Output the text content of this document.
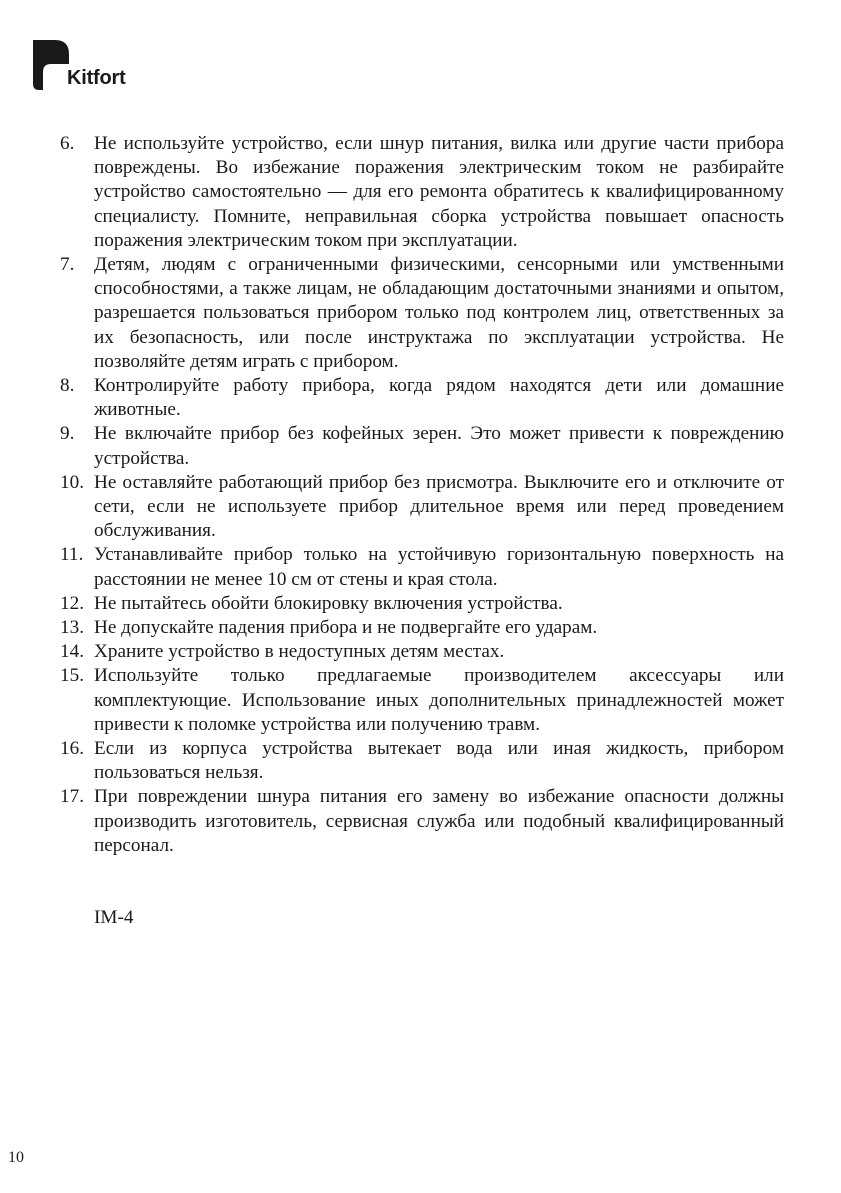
Kitfort
6.	Не используйте устройство, если шнур питания, вилка или другие части прибора повреждены. Во избежание поражения электрическим током не разбирайте устройство самостоятельно — для его ремонта обратитесь к квалифицированному специалисту. Помните, неправильная сборка устройства повышает опасность поражения электрическим током при эксплуатации.
7.	Детям, людям с ограниченными физическими, сенсорными или умственными способностями, а также лицам, не обладающим достаточными знаниями и опытом, разрешается пользоваться прибором только под контролем лиц, ответственных за их безопасность, или после инструктажа по эксплуатации устройства. Не позволяйте детям играть с прибором.
8.	Контролируйте работу прибора, когда рядом находятся дети или домашние животные.
9.	Не включайте прибор без кофейных зерен. Это может привести к повреждению устройства.
10. Не оставляйте работающий прибор без присмотра. Выключите его и отключите от сети, если не используете прибор длительное время или перед проведением обслуживания.
11. Устанавливайте прибор только на устойчивую горизонтальную поверхность на расстоянии не менее 10 см от стены и края стола.
12. Не пытайтесь обойти блокировку включения устройства.
13. Не допускайте падения прибора и не подвергайте его ударам.
14. Храните устройство в недоступных детям местах.
15. Используйте только предлагаемые производителем аксессуары или комплектующие. Использование иных дополнительных принадлежностей может привести к поломке устройства или получению травм.
16. Если из корпуса устройства вытекает вода или иная жидкость, прибором пользоваться нельзя.
17. При повреждении шнура питания его замену во избежание опасности должны производить изготовитель, сервисная служба или подобный квалифицированный персонал.
IM-4
10
